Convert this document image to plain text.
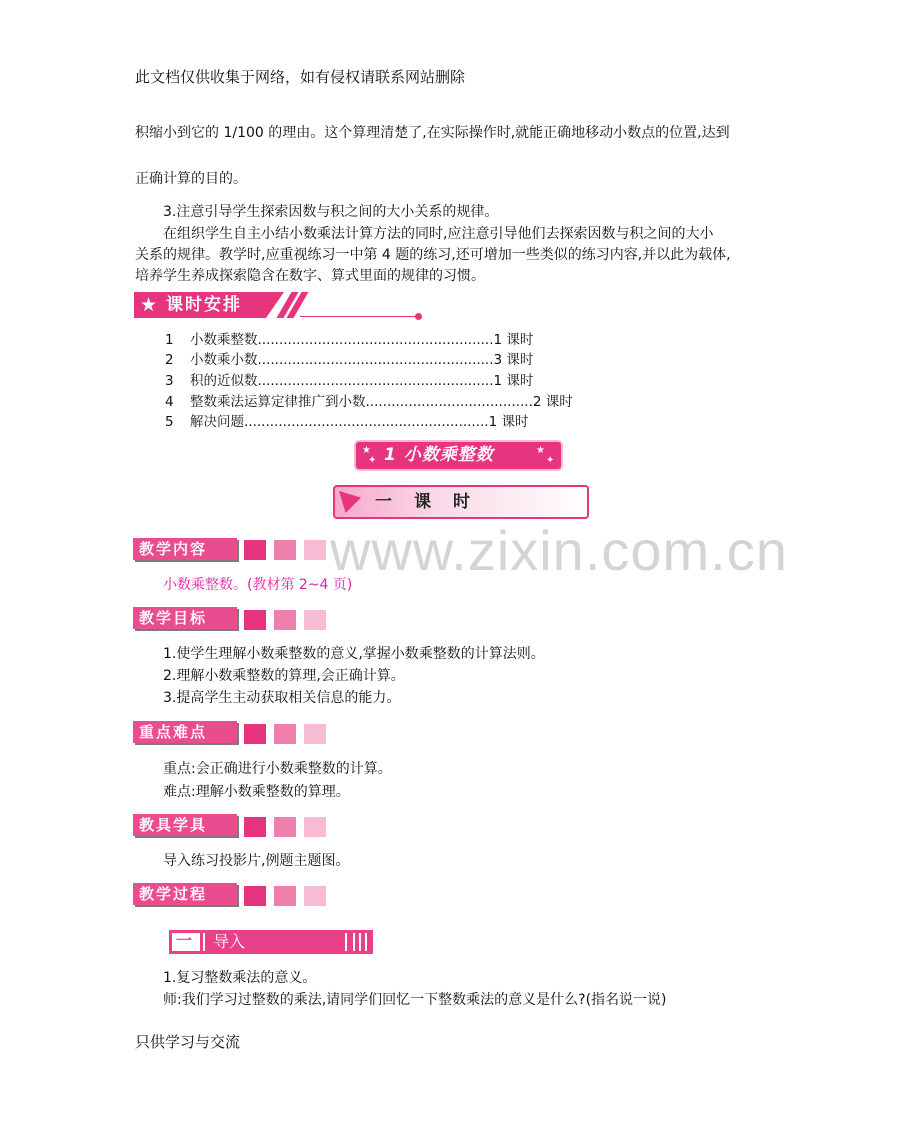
此文档仅供收集于网络，如有侵权请联系网站删除
积缩小到它的 1/100 的理由。这个算理清楚了,在实际操作时,就能正确地移动小数点的位置,达到
正确计算的目的。
3.注意引导学生探索因数与积之间的大小关系的规律。
在组织学生自主小结小数乘法计算方法的同时,应注意引导他们去探索因数与积之间的大小
关系的规律。教学时,应重视练习一中第 4 题的练习,还可增加一些类似的练习内容,并以此为载体,
培养学生养成探索隐含在数字、算式里面的规律的习惯。
★ 课时安排
1 小数乘整数.......................................................1 课时
2 小数乘小数.......................................................3 课时
3 积的近似数.......................................................1 课时
4 整数乘法运算定律推广到小数.......................................2 课时
5 解决问题.........................................................1 课时
★
✦ 1 小数乘整数	★
✦
一课时
www.zixin.com.cn
教学内容
小数乘整数。(教材第 2~4 页)
教学目标
1.使学生理解小数乘整数的意义,掌握小数乘整数的计算法则。
2.理解小数乘整数的算理,会正确计算。
3.提高学生主动获取相关信息的能力。
重点难点
重点:会正确进行小数乘整数的计算。
难点:理解小数乘整数的算理。
教具学具
导入练习投影片,例题主题图。
教学过程
一 导入
1.复习整数乘法的意义。
师:我们学习过整数的乘法,请同学们回忆一下整数乘法的意义是什么?(指名说一说)
只供学习与交流
